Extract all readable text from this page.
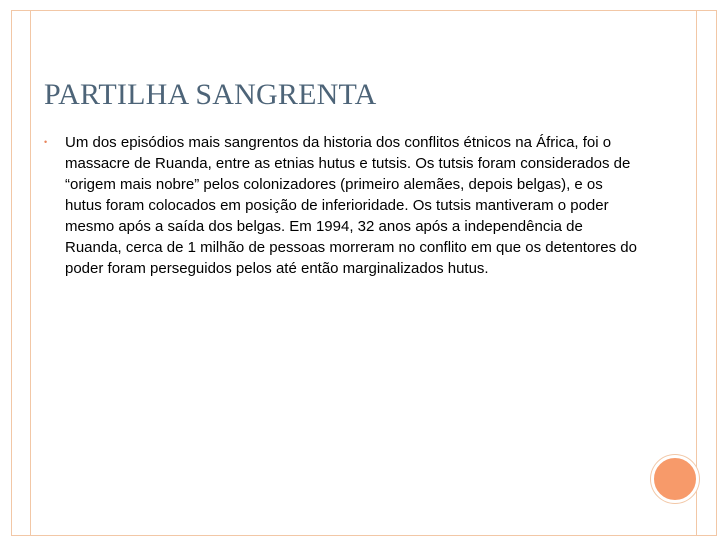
PARTILHA SANGRENTA
•	Um dos episódios mais sangrentos da historia dos conflitos étnicos na África, foi o massacre de Ruanda, entre as etnias hutus e tutsis. Os tutsis foram considerados de “origem mais nobre” pelos colonizadores (primeiro alemães, depois belgas), e os hutus foram colocados em posição de inferioridade. Os tutsis mantiveram o poder mesmo após a saída dos belgas. Em 1994, 32 anos após a independência de Ruanda, cerca de 1 milhão de pessoas morreram no conflito em que os detentores do poder foram perseguidos pelos até então marginalizados hutus.
